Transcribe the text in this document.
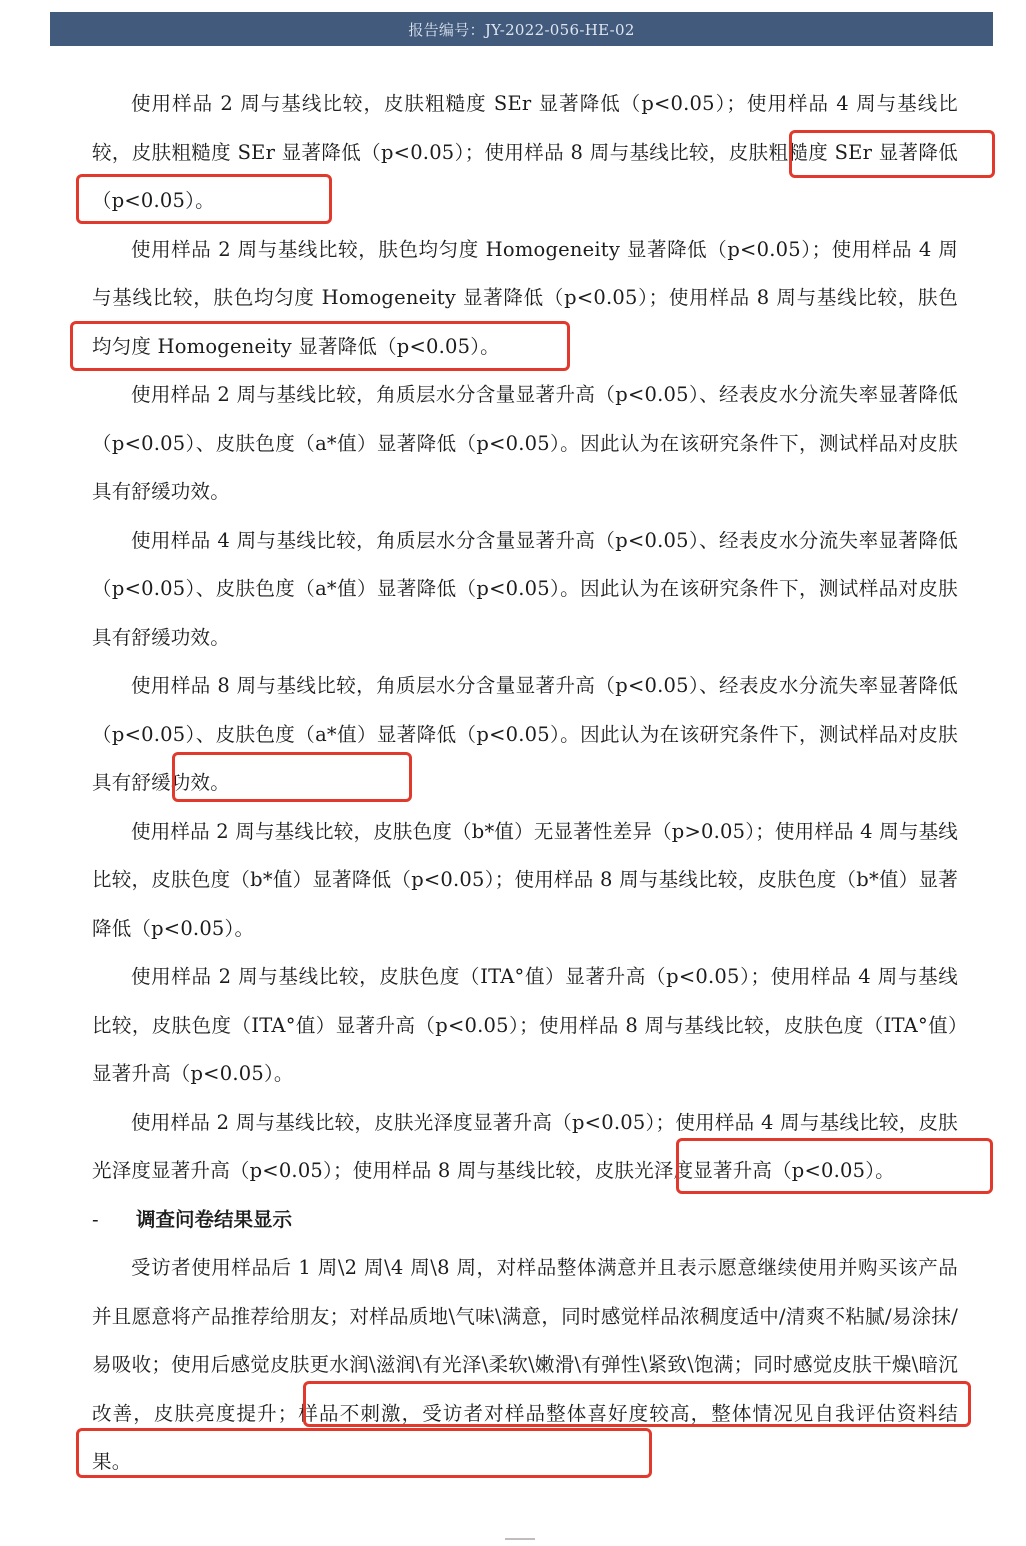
报告编号：JY-2022-056-HE-02

使用样品 2 周与基线比较，皮肤粗糙度 SEr 显著降低（p<0.05）；使用样品 4 周与基线比较，皮肤粗糙度 SEr 显著降低（p<0.05）；使用样品 8 周与基线比较，皮肤粗糙度 SEr 显著降低（p<0.05）。

使用样品 2 周与基线比较，肤色均匀度 Homogeneity 显著降低（p<0.05）；使用样品 4 周与基线比较，肤色均匀度 Homogeneity 显著降低（p<0.05）；使用样品 8 周与基线比较，肤色均匀度 Homogeneity 显著降低（p<0.05）。

使用样品 2 周与基线比较，角质层水分含量显著升高（p<0.05）、经表皮水分流失率显著降低（p<0.05）、皮肤色度（a*值）显著降低（p<0.05）。因此认为在该研究条件下，测试样品对皮肤具有舒缓功效。

使用样品 4 周与基线比较，角质层水分含量显著升高（p<0.05）、经表皮水分流失率显著降低（p<0.05）、皮肤色度（a*值）显著降低（p<0.05）。因此认为在该研究条件下，测试样品对皮肤具有舒缓功效。

使用样品 8 周与基线比较，角质层水分含量显著升高（p<0.05）、经表皮水分流失率显著降低（p<0.05）、皮肤色度（a*值）显著降低（p<0.05）。因此认为在该研究条件下，测试样品对皮肤具有舒缓功效。

使用样品 2 周与基线比较，皮肤色度（b*值）无显著性差异（p>0.05）；使用样品 4 周与基线比较，皮肤色度（b*值）显著降低（p<0.05）；使用样品 8 周与基线比较，皮肤色度（b*值）显著降低（p<0.05）。

使用样品 2 周与基线比较，皮肤色度（ITA°值）显著升高（p<0.05）；使用样品 4 周与基线比较，皮肤色度（ITA°值）显著升高（p<0.05）；使用样品 8 周与基线比较，皮肤色度（ITA°值）显著升高（p<0.05）。

使用样品 2 周与基线比较，皮肤光泽度显著升高（p<0.05）；使用样品 4 周与基线比较，皮肤光泽度显著升高（p<0.05）；使用样品 8 周与基线比较，皮肤光泽度显著升高（p<0.05）。

- 调查问卷结果显示

受访者使用样品后 1 周\2 周\4 周\8 周，对样品整体满意并且表示愿意继续使用并购买该产品并且愿意将产品推荐给朋友；对样品质地\气味\满意，同时感觉样品浓稠度适中/清爽不粘腻/易涂抹/易吸收；使用后感觉皮肤更水润\滋润\有光泽\柔软\嫩滑\有弹性\紧致\饱满；同时感觉皮肤干燥\暗沉改善，皮肤亮度提升；样品不刺激，受访者对样品整体喜好度较高，整体情况见自我评估资料结果。
